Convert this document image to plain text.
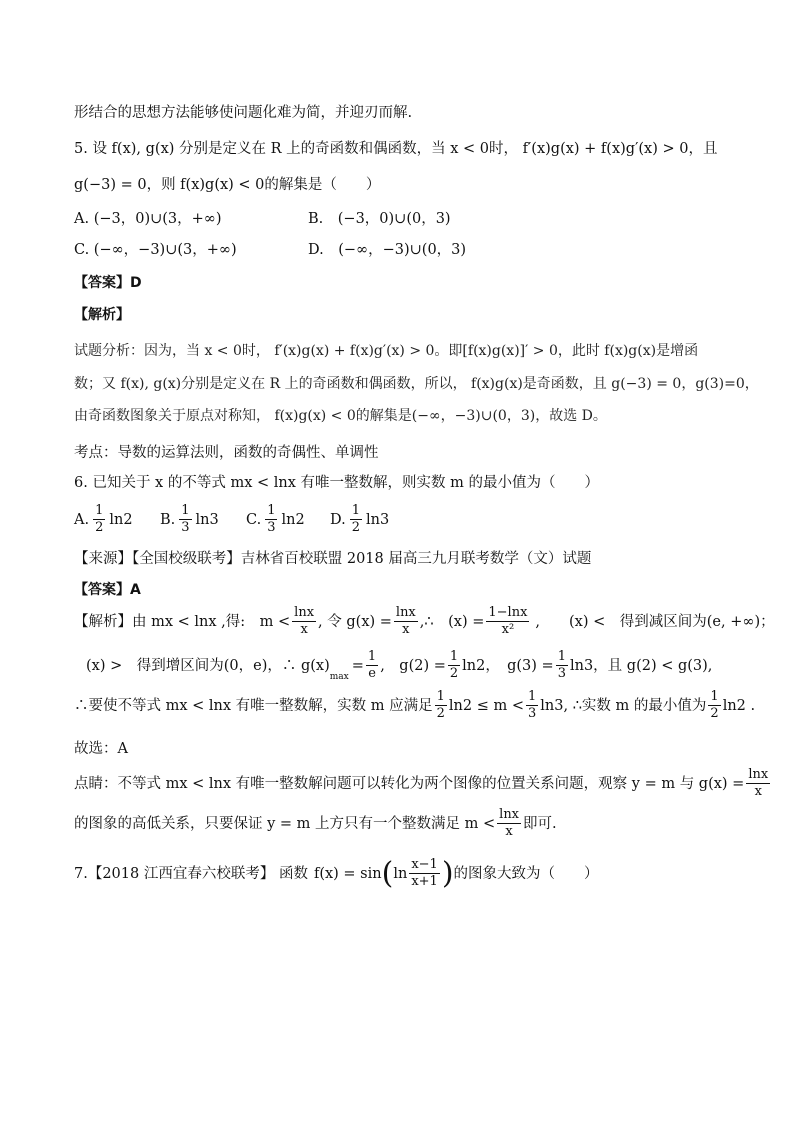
形结合的思想方法能够使问题化难为简，并迎刃而解.
5. 设 f(x), g(x) 分别是定义在 R 上的奇函数和偶函数，当 x < 0时， f′(x)g(x) + f(x)g′(x) > 0，且
g(−3) = 0，则 f(x)g(x) < 0的解集是（　　）
A. (−3，0)∪(3，+∞)	B.　(−3，0)∪(0，3)
C. (−∞，−3)∪(3，+∞)	D.　(−∞，−3)∪(0，3)
【答案】D
【解析】
试题分析：因为，当 x < 0时， f′(x)g(x) + f(x)g′(x) > 0。即[f(x)g(x)]′ > 0，此时 f(x)g(x)是增函
数；又 f(x), g(x)分别是定义在 R 上的奇函数和偶函数，所以， f(x)g(x)是奇函数，且 g(−3) = 0，g(3)=0，
由奇函数图象关于原点对称知， f(x)g(x) < 0的解集是(−∞，−3)∪(0，3)，故选 D。
考点：导数的运算法则，函数的奇偶性、单调性
6. 已知关于 x 的不等式 mx < lnx 有唯一整数解，则实数 m 的最小值为（　　）
A. $\frac{1}{2} \ln 2$ B. $\frac{1}{3} \ln 3$ C. $\frac{1}{3} \ln 2$ D. $\frac{1}{2} \ln 3$
【来源】【全国校级联考】吉林省百校联盟 2018 届高三九月联考数学（文）试题
【答案】A
【解析】由 mx < lnx ,得:　$m < \frac{\ln x}{x}$ , 令 $g(x) = \frac{\ln x}{x}$ ,∴　$(x) = \frac{1-\ln x}{\text{x²}}$ ,　　(x) <　得到减区间为(e, +∞)；
(x) >　得到增区间为(0，e)，∴ g(x)
$_{max}$
= $\frac{1}{e}$ ,　$g(2) = \frac{1}{2} \ln 2$，　$g(3) = \frac{1}{3} \ln 3$，且 g(2) < g(3),
∴要使不等式 mx < lnx 有唯一整数解，实数 m 应满足 $\frac{1}{2} \ln 2 \le m < \frac{1}{3} \ln 3$, ∴实数 m 的最小值为 $\frac{1}{2} \ln 2$ .
故选：A
点睛：不等式 mx < lnx 有唯一整数解问题可以转化为两个图像的位置关系问题，观察 y = m 与 $g(x) = \frac{\ln x}{x}$
的图象的高低关系，只要保证 y = m 上方只有一个整数满足 $m < \frac{\ln x}{x}$ 即可.
7.【2018 江西宜春六校联考】 函数 f(x) = sin ( $\ln \frac{x-1}{x+1}$ ) 的图象大致为（　　）
